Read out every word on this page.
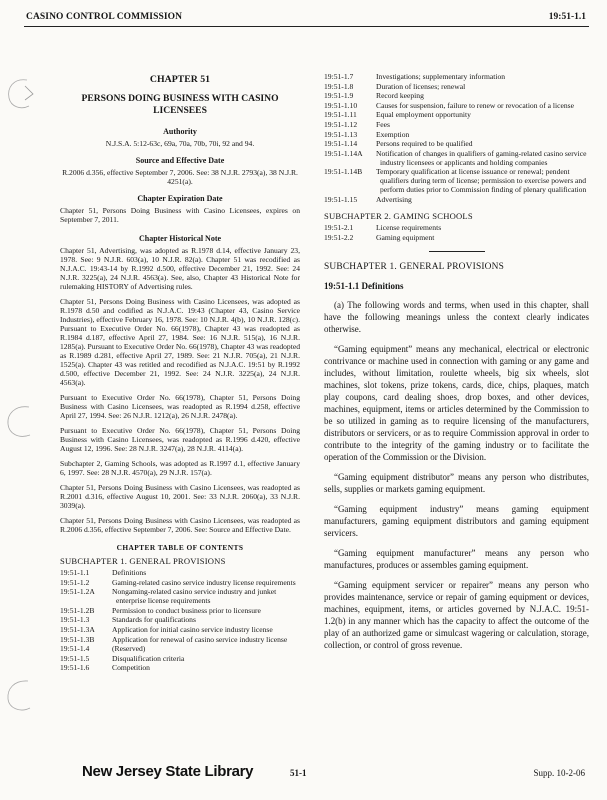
CASINO CONTROL COMMISSION	19:51-1.1
CHAPTER 51
PERSONS DOING BUSINESS WITH CASINO LICENSEES
Authority
N.J.S.A. 5:12-63c, 69a, 70a, 70b, 70i, 92 and 94.
Source and Effective Date
R.2006 d.356, effective September 7, 2006. See: 38 N.J.R. 2793(a), 38 N.J.R. 4251(a).
Chapter Expiration Date

Chapter 51, Persons Doing Business with Casino Licensees, expires on September 7, 2011.

Chapter Historical Note

Chapter 51, Advertising, was adopted as R.1978 d.14, effective January 23, 1978. See: 9 N.J.R. 603(a), 10 N.J.R. 82(a). Chapter 51 was recodified as N.J.A.C. 19:43-14 by R.1992 d.500, effective December 21, 1992. See: 24 N.J.R. 3225(a), 24 N.J.R. 4563(a). See, also, Chapter 43 Historical Note for rulemaking HISTORY of Advertising rules.

Chapter 51, Persons Doing Business with Casino Licensees, was adopted as R.1978 d.50 and codified as N.J.A.C. 19:43 (Chapter 43, Casino Service Industries), effective February 16, 1978. See: 10 N.J.R. 4(b), 10 N.J.R. 128(c). Pursuant to Executive Order No. 66(1978), Chapter 43 was readopted as R.1984 d.187, effective April 27, 1984. See: 16 N.J.R. 515(a), 16 N.J.R. 1285(a). Pursuant to Executive Order No. 66(1978), Chapter 43 was readopted as R.1989 d.281, effective April 27, 1989. See: 21 N.J.R. 705(a), 21 N.J.R. 1525(a). Chapter 43 was retitled and recodified as N.J.A.C. 19:51 by R.1992 d.500, effective December 21, 1992. See: 24 N.J.R. 3225(a), 24 N.J.R. 4563(a).

Pursuant to Executive Order No. 66(1978), Chapter 51, Persons Doing Business with Casino Licensees, was readopted as R.1994 d.258, effective April 27, 1994. See: 26 N.J.R. 1212(a), 26 N.J.R. 2478(a).

Pursuant to Executive Order No. 66(1978), Chapter 51, Persons Doing Business with Casino Licensees, was readopted as R.1996 d.420, effective August 12, 1996. See: 28 N.J.R. 3247(a), 28 N.J.R. 4114(a).

Subchapter 2, Gaming Schools, was adopted as R.1997 d.1, effective January 6, 1997. See: 28 N.J.R. 4570(a), 29 N.J.R. 157(a).

Chapter 51, Persons Doing Business with Casino Licensees, was readopted as R.2001 d.316, effective August 10, 2001. See: 33 N.J.R. 2060(a), 33 N.J.R. 3039(a).

Chapter 51, Persons Doing Business with Casino Licensees, was readopted as R.2006 d.356, effective September 7, 2006. See: Source and Effective Date.

CHAPTER TABLE OF CONTENTS
SUBCHAPTER 1. GENERAL PROVISIONS
19:51-1.1	Definitions
19:51-1.2	Gaming-related casino service industry license requirements
19:51-1.2A	Nongaming-related casino service industry and junket enterprise license requirements
19:51-1.2B	Permission to conduct business prior to licensure
19:51-1.3	Standards for qualifications
19:51-1.3A	Application for initial casino service industry license
19:51-1.3B	Application for renewal of casino service industry license
19:51-1.4	(Reserved)
19:51-1.5	Disqualification criteria
19:51-1.6	Competition
19:51-1.7	Investigations; supplementary information
19:51-1.8	Duration of licenses; renewal
19:51-1.9	Record keeping
19:51-1.10	Causes for suspension, failure to renew or revocation of a license
19:51-1.11	Equal employment opportunity
19:51-1.12	Fees
19:51-1.13	Exemption
19:51-1.14	Persons required to be qualified
19:51-1.14A	Notification of changes in qualifiers of gaming-related casino service industry licensees or applicants and holding companies
19:51-1.14B	Temporary qualification at license issuance or renewal; pendent qualifiers during term of license; permission to exercise powers and perform duties prior to Commission finding of plenary qualification
19:51-1.15	Advertising
SUBCHAPTER 2. GAMING SCHOOLS
19:51-2.1	License requirements
19:51-2.2	Gaming equipment
SUBCHAPTER 1. GENERAL PROVISIONS
19:51-1.1 Definitions

(a) The following words and terms, when used in this chapter, shall have the following meanings unless the context clearly indicates otherwise.

“Gaming equipment” means any mechanical, electrical or electronic contrivance or machine used in connection with gaming or any game and includes, without limitation, roulette wheels, big six wheels, slot machines, slot tokens, prize tokens, cards, dice, chips, plaques, match play coupons, card dealing shoes, drop boxes, and other devices, machines, equipment, items or articles determined by the Commission to be so utilized in gaming as to require licensing of the manufacturers, distributors or servicers, or as to require Commission approval in order to contribute to the integrity of the gaming industry or to facilitate the operation of the Commission or the Division.

“Gaming equipment distributor” means any person who distributes, sells, supplies or markets gaming equipment.

“Gaming equipment industry” means gaming equipment manufacturers, gaming equipment distributors and gaming equipment servicers.

“Gaming equipment manufacturer” means any person who manufactures, produces or assembles gaming equipment.

“Gaming equipment servicer or repairer” means any person who provides maintenance, service or repair of gaming equipment or devices, machines, equipment, items, or articles governed by N.J.A.C. 19:51-1.2(b) in any manner which has the capacity to affect the outcome of the play of an authorized game or simulcast wagering or calculation, storage, collection, or control of gross revenue.

New Jersey State Library	51-1	Supp. 10-2-06
